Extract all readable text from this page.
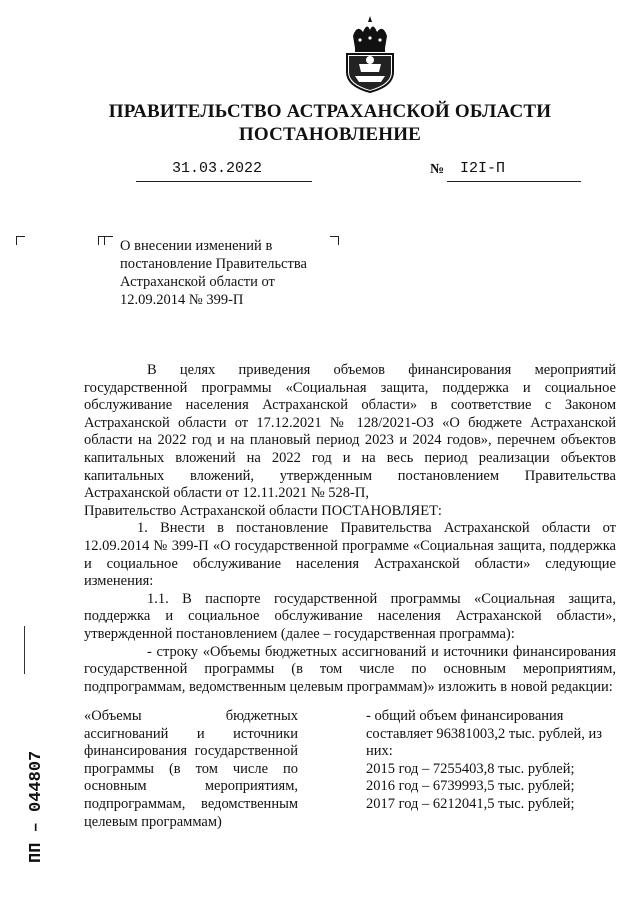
ПРАВИТЕЛЬСТВО АСТРАХАНСКОЙ ОБЛАСТИ
ПОСТАНОВЛЕНИЕ
31.03.2022	№ I2I-П
О внесении изменений в постановление Правительства Астраханской области от 12.09.2014 № 399-П

В целях приведения объемов финансирования мероприятий государственной программы «Социальная защита, поддержка и социальное обслуживание населения Астраханской области» в соответствие с Законом Астраханской области от 17.12.2021 № 128/2021-ОЗ «О бюджете Астраханской области на 2022 год и на плановый период 2023 и 2024 годов», перечнем объектов капитальных вложений на 2022 год и на весь период реализации объектов капитальных вложений, утвержденным постановлением Правительства Астраханской области от 12.11.2021 № 528-П,

Правительство Астраханской области ПОСТАНОВЛЯЕТ:

1. Внести в постановление Правительства Астраханской области от 12.09.2014 № 399-П «О государственной программе «Социальная защита, поддержка и социальное обслуживание населения Астраханской области» следующие изменения:

1.1. В паспорте государственной программы «Социальная защита, поддержка и социальное обслуживание населения Астраханской области», утвержденной постановлением (далее – государственная программа):

- строку «Объемы бюджетных ассигнований и источники финансирования государственной программы (в том числе по основным мероприятиям, подпрограммам, ведомственным целевым программам)» изложить в новой редакции:

«Объемы бюджетных ассигнований и источники финансирования государственной программы (в том числе по основным мероприятиям, подпрограммам, ведомственным целевым программам)

- общий объем финансирования составляет 96381003,2 тыс. рублей, из них:

2015 год – 7255403,8 тыс. рублей;
2016 год – 6739993,5 тыс. рублей;
2017 год – 6212041,5 тыс. рублей;
ПП – 044807
